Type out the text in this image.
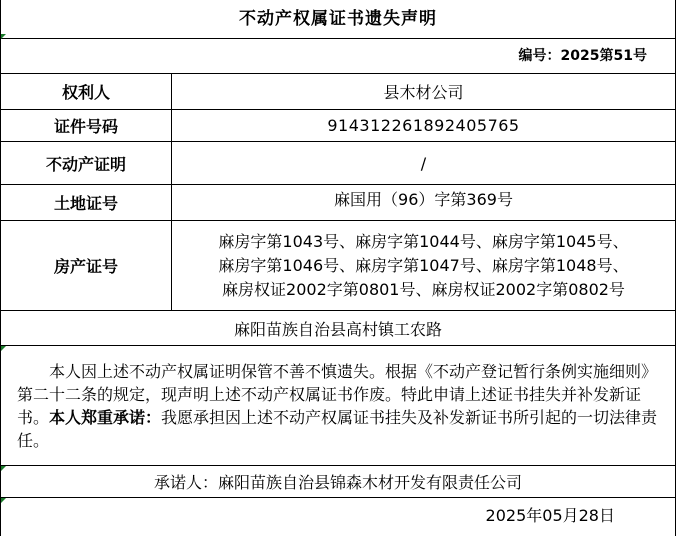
不动产权属证书遗失声明
编号：2025第51号
权利人	县木材公司
证件号码	914312261892405765
不动产证明	/
土地证号	麻国用（96）字第369号
房产证号	麻房字第1043号、麻房字第1044号、麻房字第1045号、
麻房字第1046号、麻房字第1047号、麻房字第1048号、
麻房权证2002字第0801号、麻房权证2002字第0802号

麻阳苗族自治县高村镇工农路	

本人因上述不动产权属证明保管不善不慎遗失。根据《不动产登记暂行条例实施细则》第二十二条的规定，现声明上述不动产权属证书作废。特此申请上述证书挂失并补发新证书。本人郑重承诺：我愿承担因上述不动产权属证书挂失及补发新证书所引起的一切法律责任。	

承诺人：麻阳苗族自治县锦森木材开发有限责任公司	
2025年05月28日
